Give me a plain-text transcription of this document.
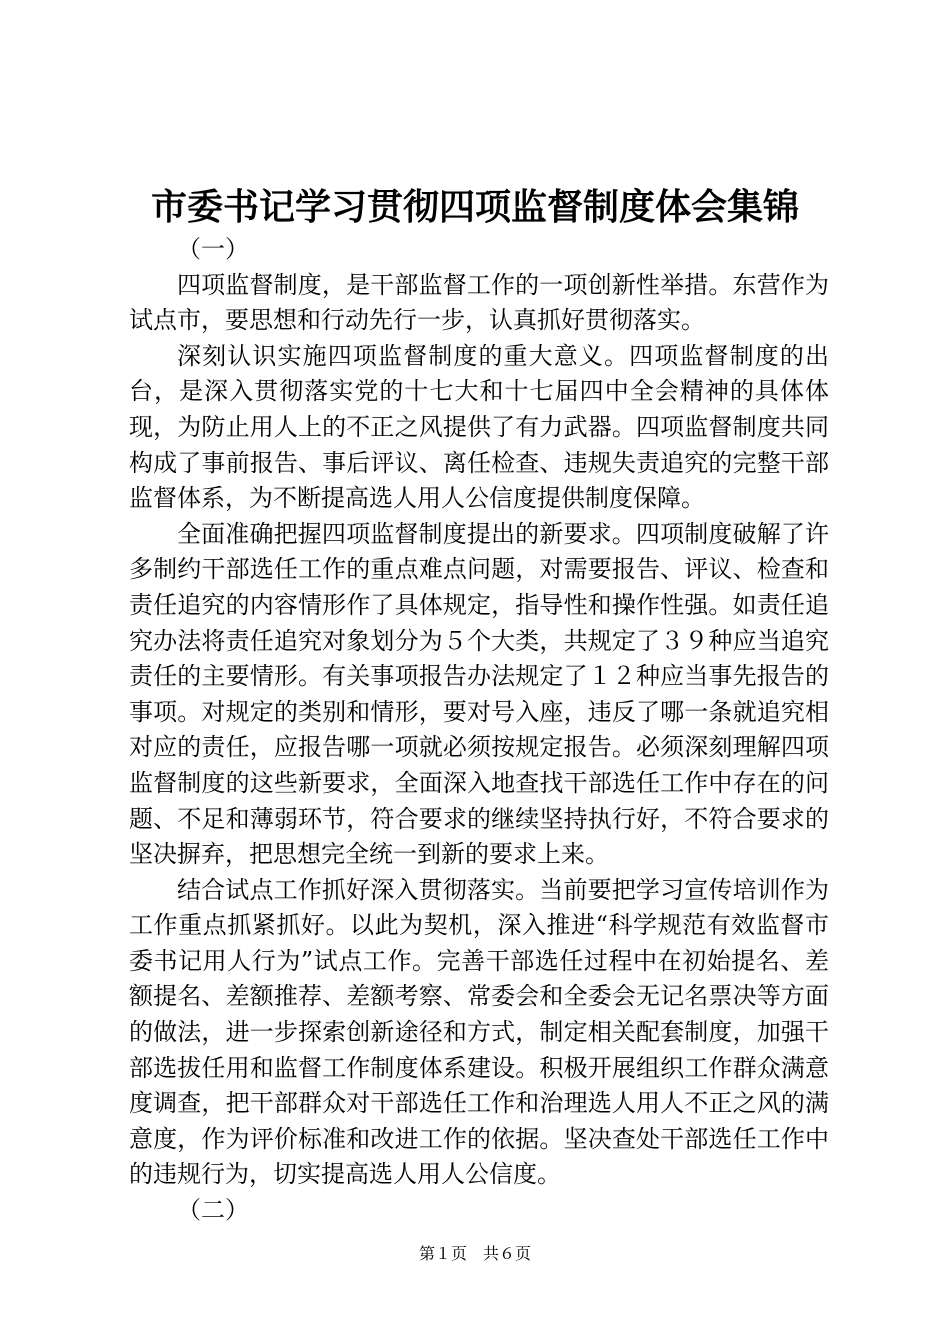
市委书记学习贯彻四项监督制度体会集锦

（一）

四项监督制度，是干部监督工作的一项创新性举措。东营作为试点市，要思想和行动先行一步，认真抓好贯彻落实。

深刻认识实施四项监督制度的重大意义。四项监督制度的出台，是深入贯彻落实党的十七大和十七届四中全会精神的具体体现，为防止用人上的不正之风提供了有力武器。四项监督制度共同构成了事前报告、事后评议、离任检查、违规失责追究的完整干部监督体系，为不断提高选人用人公信度提供制度保障。

全面准确把握四项监督制度提出的新要求。四项制度破解了许多制约干部选任工作的重点难点问题，对需要报告、评议、检查和责任追究的内容情形作了具体规定，指导性和操作性强。如责任追究办法将责任追究对象划分为５个大类，共规定了３９种应当追究责任的主要情形。有关事项报告办法规定了１２种应当事先报告的事项。对规定的类别和情形，要对号入座，违反了哪一条就追究相对应的责任，应报告哪一项就必须按规定报告。必须深刻理解四项监督制度的这些新要求，全面深入地查找干部选任工作中存在的问题、不足和薄弱环节，符合要求的继续坚持执行好，不符合要求的坚决摒弃，把思想完全统一到新的要求上来。

结合试点工作抓好深入贯彻落实。当前要把学习宣传培训作为工作重点抓紧抓好。以此为契机，深入推进“科学规范有效监督市委书记用人行为”试点工作。完善干部选任过程中在初始提名、差额提名、差额推荐、差额考察、常委会和全委会无记名票决等方面的做法，进一步探索创新途径和方式，制定相关配套制度，加强干部选拔任用和监督工作制度体系建设。积极开展组织工作群众满意度调查，把干部群众对干部选任工作和治理选人用人不正之风的满意度，作为评价标准和改进工作的依据。坚决查处干部选任工作中的违规行为，切实提高选人用人公信度。

（二）

第１页　共６页
